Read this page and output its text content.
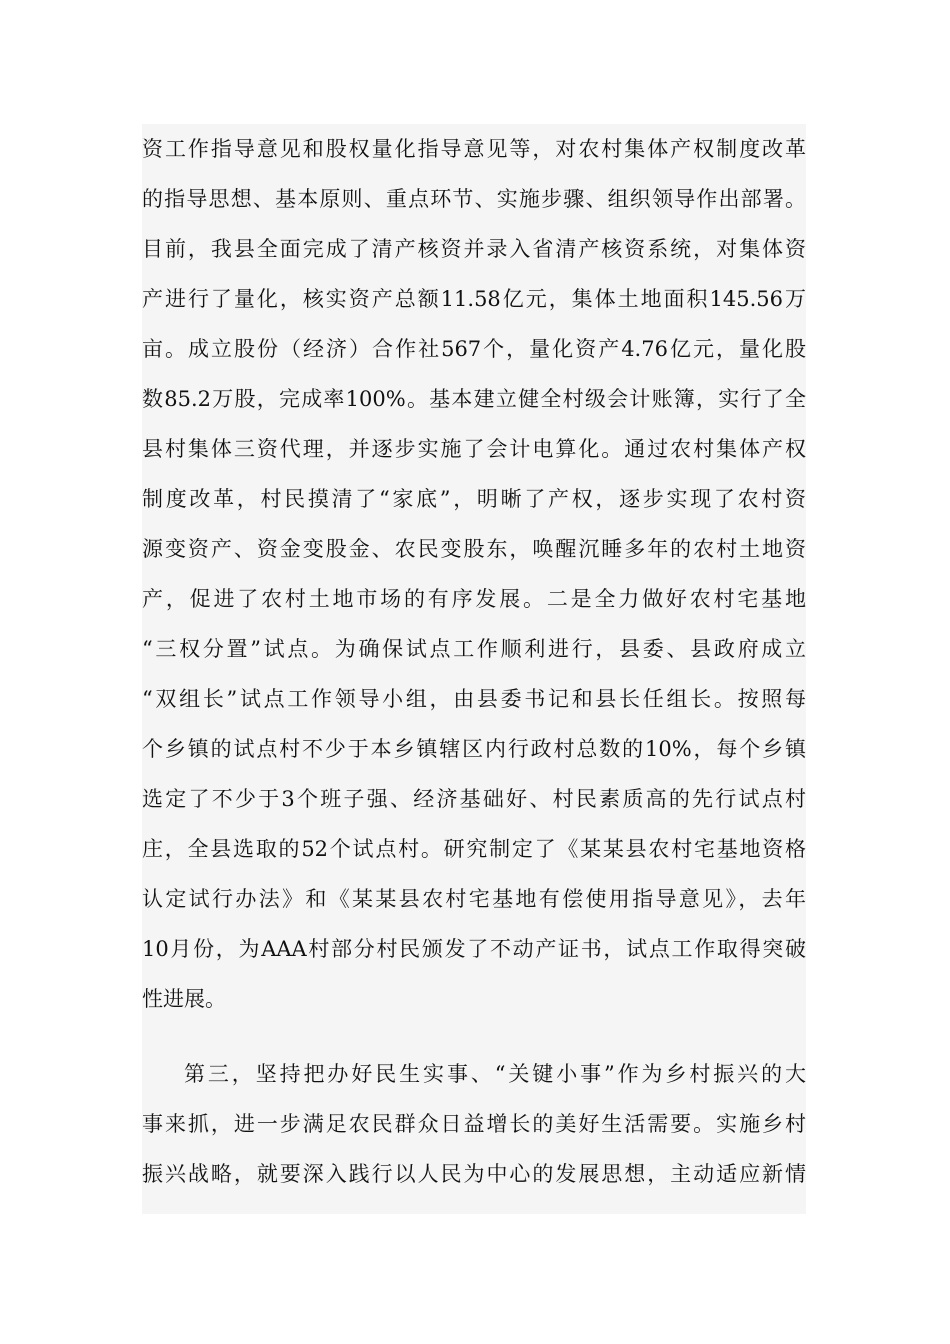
资工作指导意见和股权量化指导意见等，对农村集体产权制度改革
的指导思想、基本原则、重点环节、实施步骤、组织领导作出部署。
目前，我县全面完成了清产核资并录入省清产核资系统，对集体资
产进行了量化，核实资产总额11.58亿元，集体土地面积145.56万
亩。成立股份（经济）合作社567个，量化资产4.76亿元，量化股
数85.2万股，完成率100%。基本建立健全村级会计账簿，实行了全
县村集体三资代理，并逐步实施了会计电算化。通过农村集体产权
制度改革，村民摸清了“家底”，明晰了产权，逐步实现了农村资
源变资产、资金变股金、农民变股东，唤醒沉睡多年的农村土地资
产，促进了农村土地市场的有序发展。二是全力做好农村宅基地
“三权分置”试点。为确保试点工作顺利进行，县委、县政府成立
“双组长”试点工作领导小组，由县委书记和县长任组长。按照每
个乡镇的试点村不少于本乡镇辖区内行政村总数的10%，每个乡镇
选定了不少于3个班子强、经济基础好、村民素质高的先行试点村
庄，全县选取的52个试点村。研究制定了《某某县农村宅基地资格
认定试行办法》和《某某县农村宅基地有偿使用指导意见》，去年
10月份，为AAA村部分村民颁发了不动产证书，试点工作取得突破
性进展。
第三，坚持把办好民生实事、“关键小事”作为乡村振兴的大
事来抓，进一步满足农民群众日益增长的美好生活需要。实施乡村
振兴战略，就要深入践行以人民为中心的发展思想，主动适应新情
